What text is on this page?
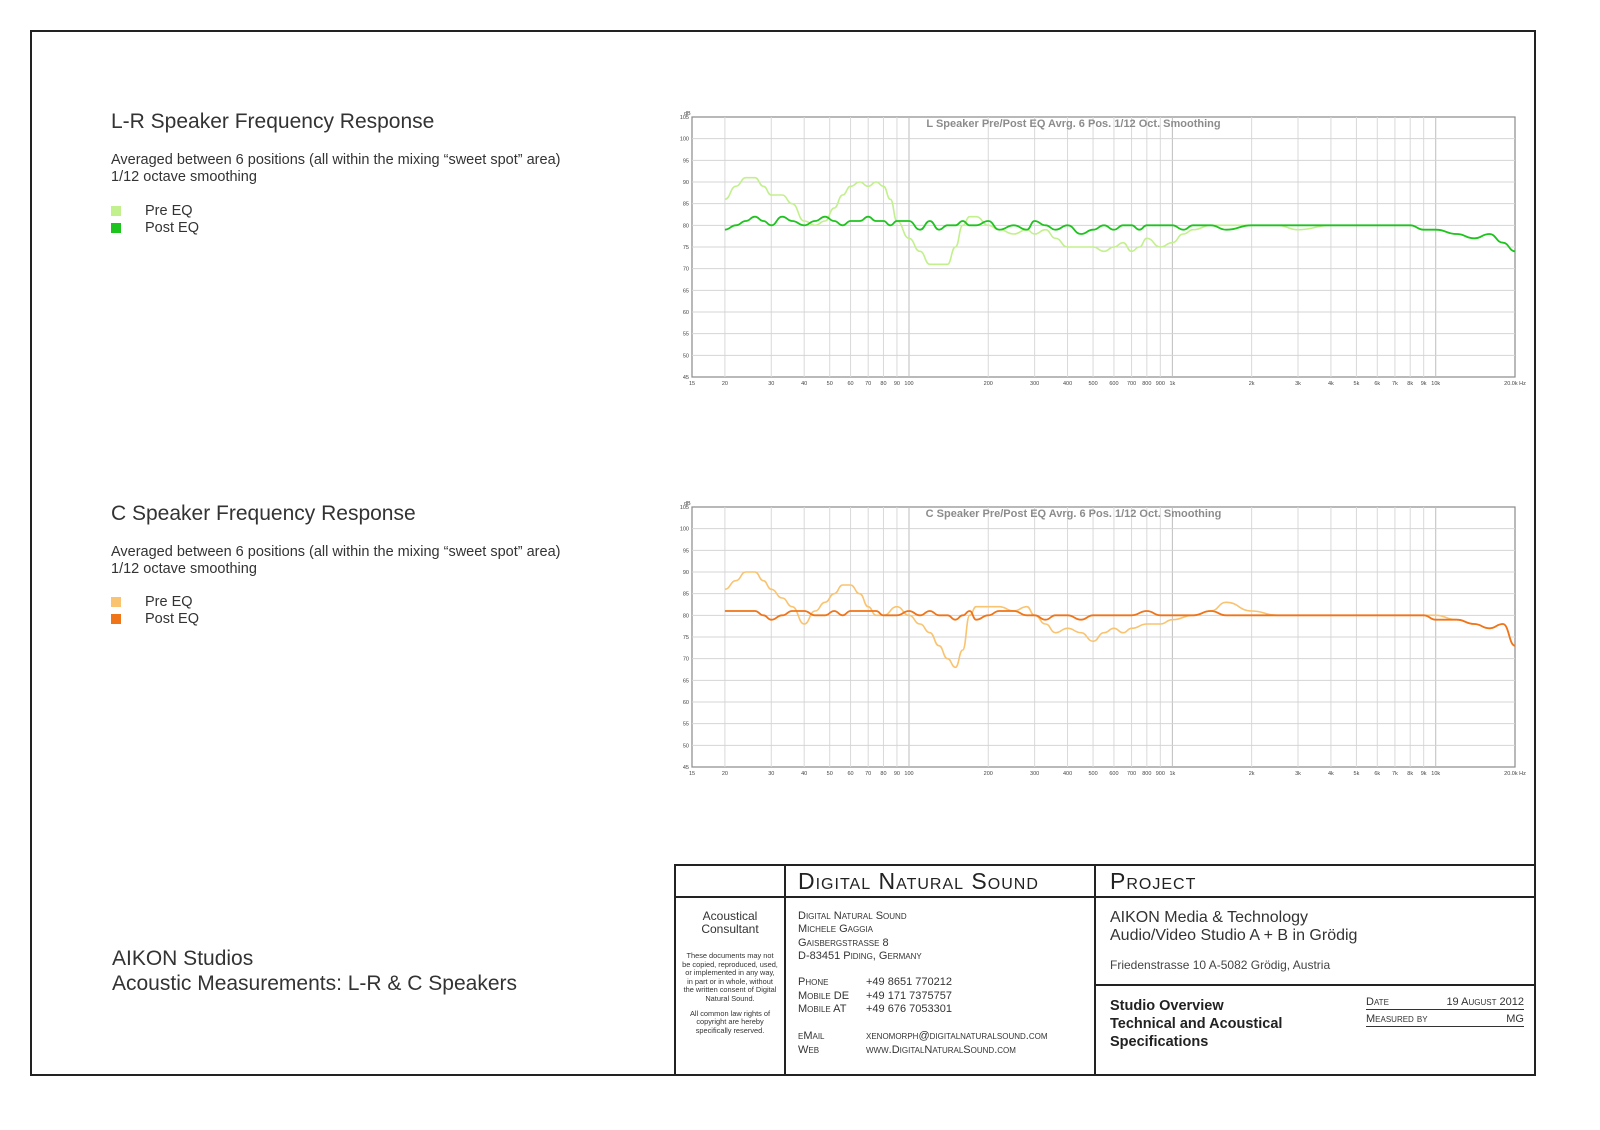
L-R Speaker Frequency Response
Averaged between 6 positions (all within the mixing “sweet spot” area)
1/12 octave smoothing
Pre EQ
Post EQ
105
100
95
90
85
80
75
70
65
60
55
50
45
dB
15	20	30	40	50	60 70 80 90 100	200	300	400	500 600 700 800 900 1k	2k	3k	4k	5k	6k 7k 8k 9k 10k	20.0k Hz
L Speaker Pre/Post EQ Avrg. 6 Pos. 1/12 Oct. Smoothing
C Speaker Frequency Response
Averaged between 6 positions (all within the mixing “sweet spot” area)
1/12 octave smoothing
Pre EQ
Post EQ
105
100
95
90
85
80
75
70
65
60
55
50
45
dB
15	20	30	40	50	60 70 80 90 100	200	300	400	500 600 700 800 900 1k	2k	3k	4k	5k	6k 7k 8k 9k 10k	20.0k Hz
C Speaker Pre/Post EQ Avrg. 6 Pos. 1/12 Oct. Smoothing
AIKON Studios
Acoustic Measurements: L-R & C Speakers
Digital Natural Sound	Project
Acoustical
Consultant
These documents may not be copied, reproduced, used, or implemented in any way, in part or in whole, without the written consent of Digital Natural Sound.
All common law rights of copyright are hereby specifically reserved.
Digital Natural Sound
Michele Gaggia
Gaisbergstrasse 8
D-83451 Piding, Germany
Phone	+49 8651 770212
Mobile DE +49 171 7375757
Mobile AT +49 676 7053301
eMail	xenomorph@digitalnaturalsound.com
Web	www.DigitalNaturalSound.com
AIKON Media & Technology
Audio/Video Studio A + B in Grödig
Friedenstrasse 10 A-5082 Grödig, Austria
Studio Overview
Technical and Acoustical
Specifications
Date	19 August 2012
Measured by	MG
